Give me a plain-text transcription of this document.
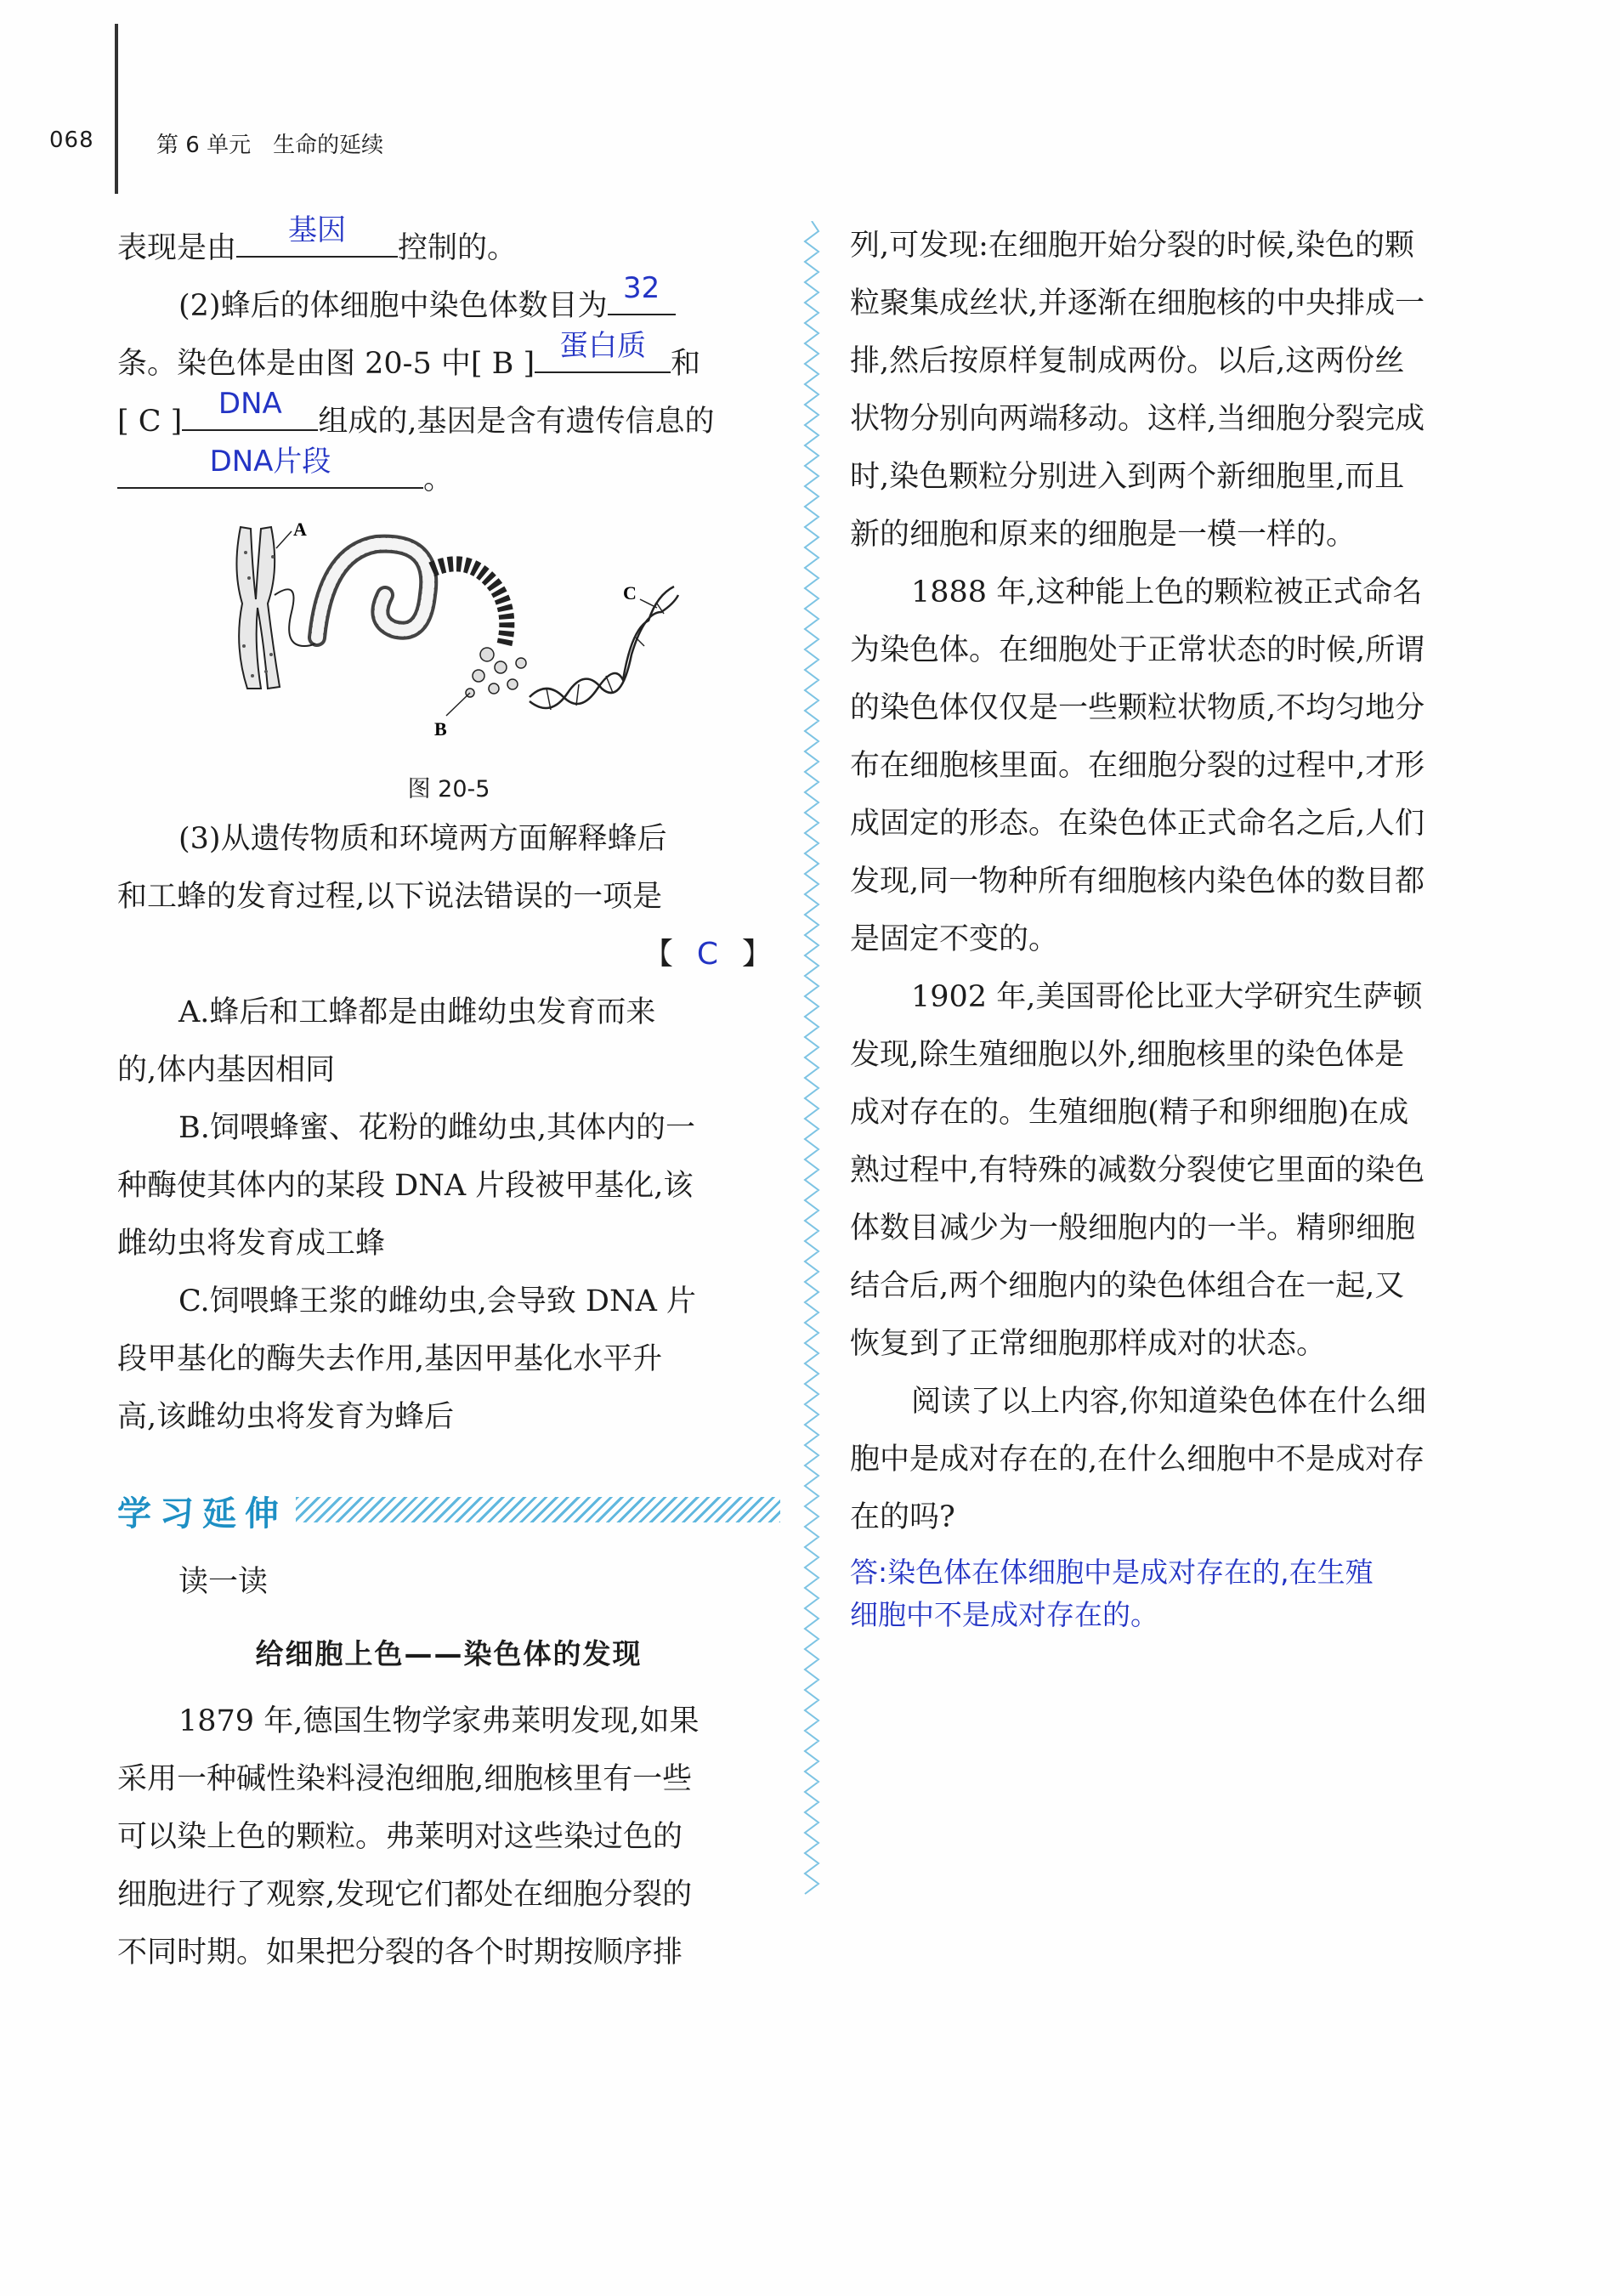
068	第 6 单元　生命的延续
表现是由
基因
控制的。
(2)蜂后的体细胞中染色体数目为
32
条。染色体是由图 20-5 中[ B ]
蛋白质
和
[ C ]
DNA
组成的,基因是含有遗传信息的
DNA片段
。
A
B
C
图 20-5
(3)从遗传物质和环境两方面解释蜂后
和工蜂的发育过程,以下说法错误的一项是
【 C 】
A.蜂后和工蜂都是由雌幼虫发育而来
的,体内基因相同
B.饲喂蜂蜜、花粉的雌幼虫,其体内的一
种酶使其体内的某段 DNA 片段被甲基化,该
雌幼虫将发育成工蜂
C.饲喂蜂王浆的雌幼虫,会导致 DNA 片
段甲基化的酶失去作用,基因甲基化水平升
高,该雌幼虫将发育为蜂后
学习延伸
读一读
给细胞上色——染色体的发现
1879 年,德国生物学家弗莱明发现,如果
采用一种碱性染料浸泡细胞,细胞核里有一些
可以染上色的颗粒。弗莱明对这些染过色的
细胞进行了观察,发现它们都处在细胞分裂的
不同时期。如果把分裂的各个时期按顺序排
列,可发现:在细胞开始分裂的时候,染色的颗
粒聚集成丝状,并逐渐在细胞核的中央排成一
排,然后按原样复制成两份。以后,这两份丝
状物分别向两端移动。这样,当细胞分裂完成
时,染色颗粒分别进入到两个新细胞里,而且
新的细胞和原来的细胞是一模一样的。
1888 年,这种能上色的颗粒被正式命名
为染色体。在细胞处于正常状态的时候,所谓
的染色体仅仅是一些颗粒状物质,不均匀地分
布在细胞核里面。在细胞分裂的过程中,才形
成固定的形态。在染色体正式命名之后,人们
发现,同一物种所有细胞核内染色体的数目都
是固定不变的。
1902 年,美国哥伦比亚大学研究生萨顿
发现,除生殖细胞以外,细胞核里的染色体是
成对存在的。生殖细胞(精子和卵细胞)在成
熟过程中,有特殊的减数分裂使它里面的染色
体数目减少为一般细胞内的一半。精卵细胞
结合后,两个细胞内的染色体组合在一起,又
恢复到了正常细胞那样成对的状态。
阅读了以上内容,你知道染色体在什么细
胞中是成对存在的,在什么细胞中不是成对存
在的吗?
答:染色体在体细胞中是成对存在的,在生殖
细胞中不是成对存在的。
